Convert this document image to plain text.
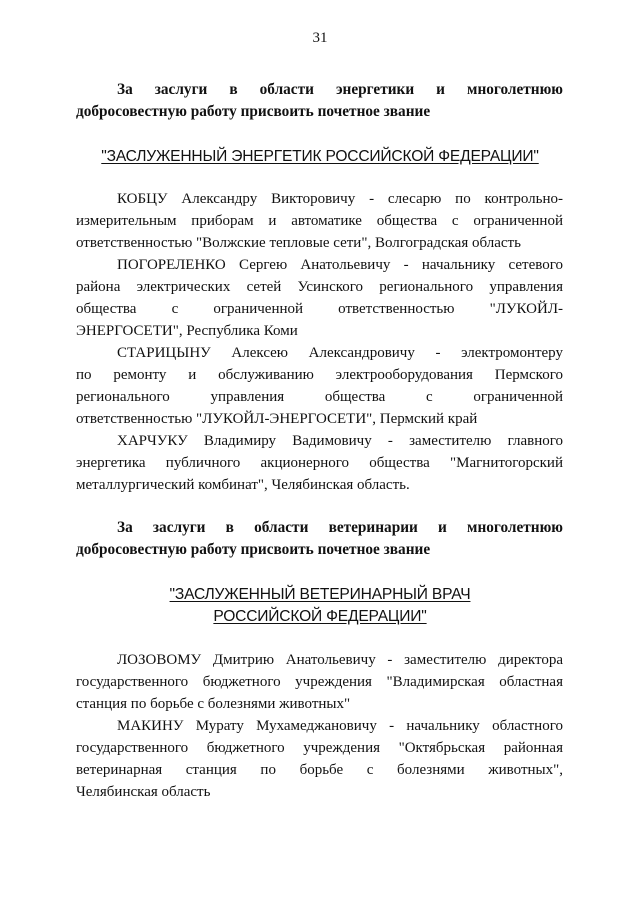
31
За заслуги в области энергетики и многолетнюю
добросовестную работу присвоить почетное звание
"ЗАСЛУЖЕННЫЙ ЭНЕРГЕТИК РОССИЙСКОЙ ФЕДЕРАЦИИ"
КОБЦУ Александру Викторовичу - слесарю по контрольно-
измерительным приборам и автоматике общества с ограниченной
ответственностью "Волжские тепловые сети", Волгоградская область
ПОГОРЕЛЕНКО Сергею Анатольевичу - начальнику сетевого
района электрических сетей Усинского регионального управления
общества с ограниченной ответственностью "ЛУКОЙЛ-
ЭНЕРГОСЕТИ", Республика Коми
СТАРИЦЫНУ Алексею Александровичу - электромонтеру
по ремонту и обслуживанию электрооборудования Пермского
регионального управления общества с ограниченной
ответственностью "ЛУКОЙЛ-ЭНЕРГОСЕТИ", Пермский край
ХАРЧУКУ Владимиру Вадимовичу - заместителю главного
энергетика публичного акционерного общества "Магнитогорский
металлургический комбинат", Челябинская область.
За заслуги в области ветеринарии и многолетнюю
добросовестную работу присвоить почетное звание
"ЗАСЛУЖЕННЫЙ ВЕТЕРИНАРНЫЙ ВРАЧ
РОССИЙСКОЙ ФЕДЕРАЦИИ"
ЛОЗОВОМУ Дмитрию Анатольевичу - заместителю директора
государственного бюджетного учреждения "Владимирская областная
станция по борьбе с болезнями животных"
МАКИНУ Мурату Мухамеджановичу - начальнику областного
государственного бюджетного учреждения "Октябрьская районная
ветеринарная станция по борьбе с болезнями животных",
Челябинская область
